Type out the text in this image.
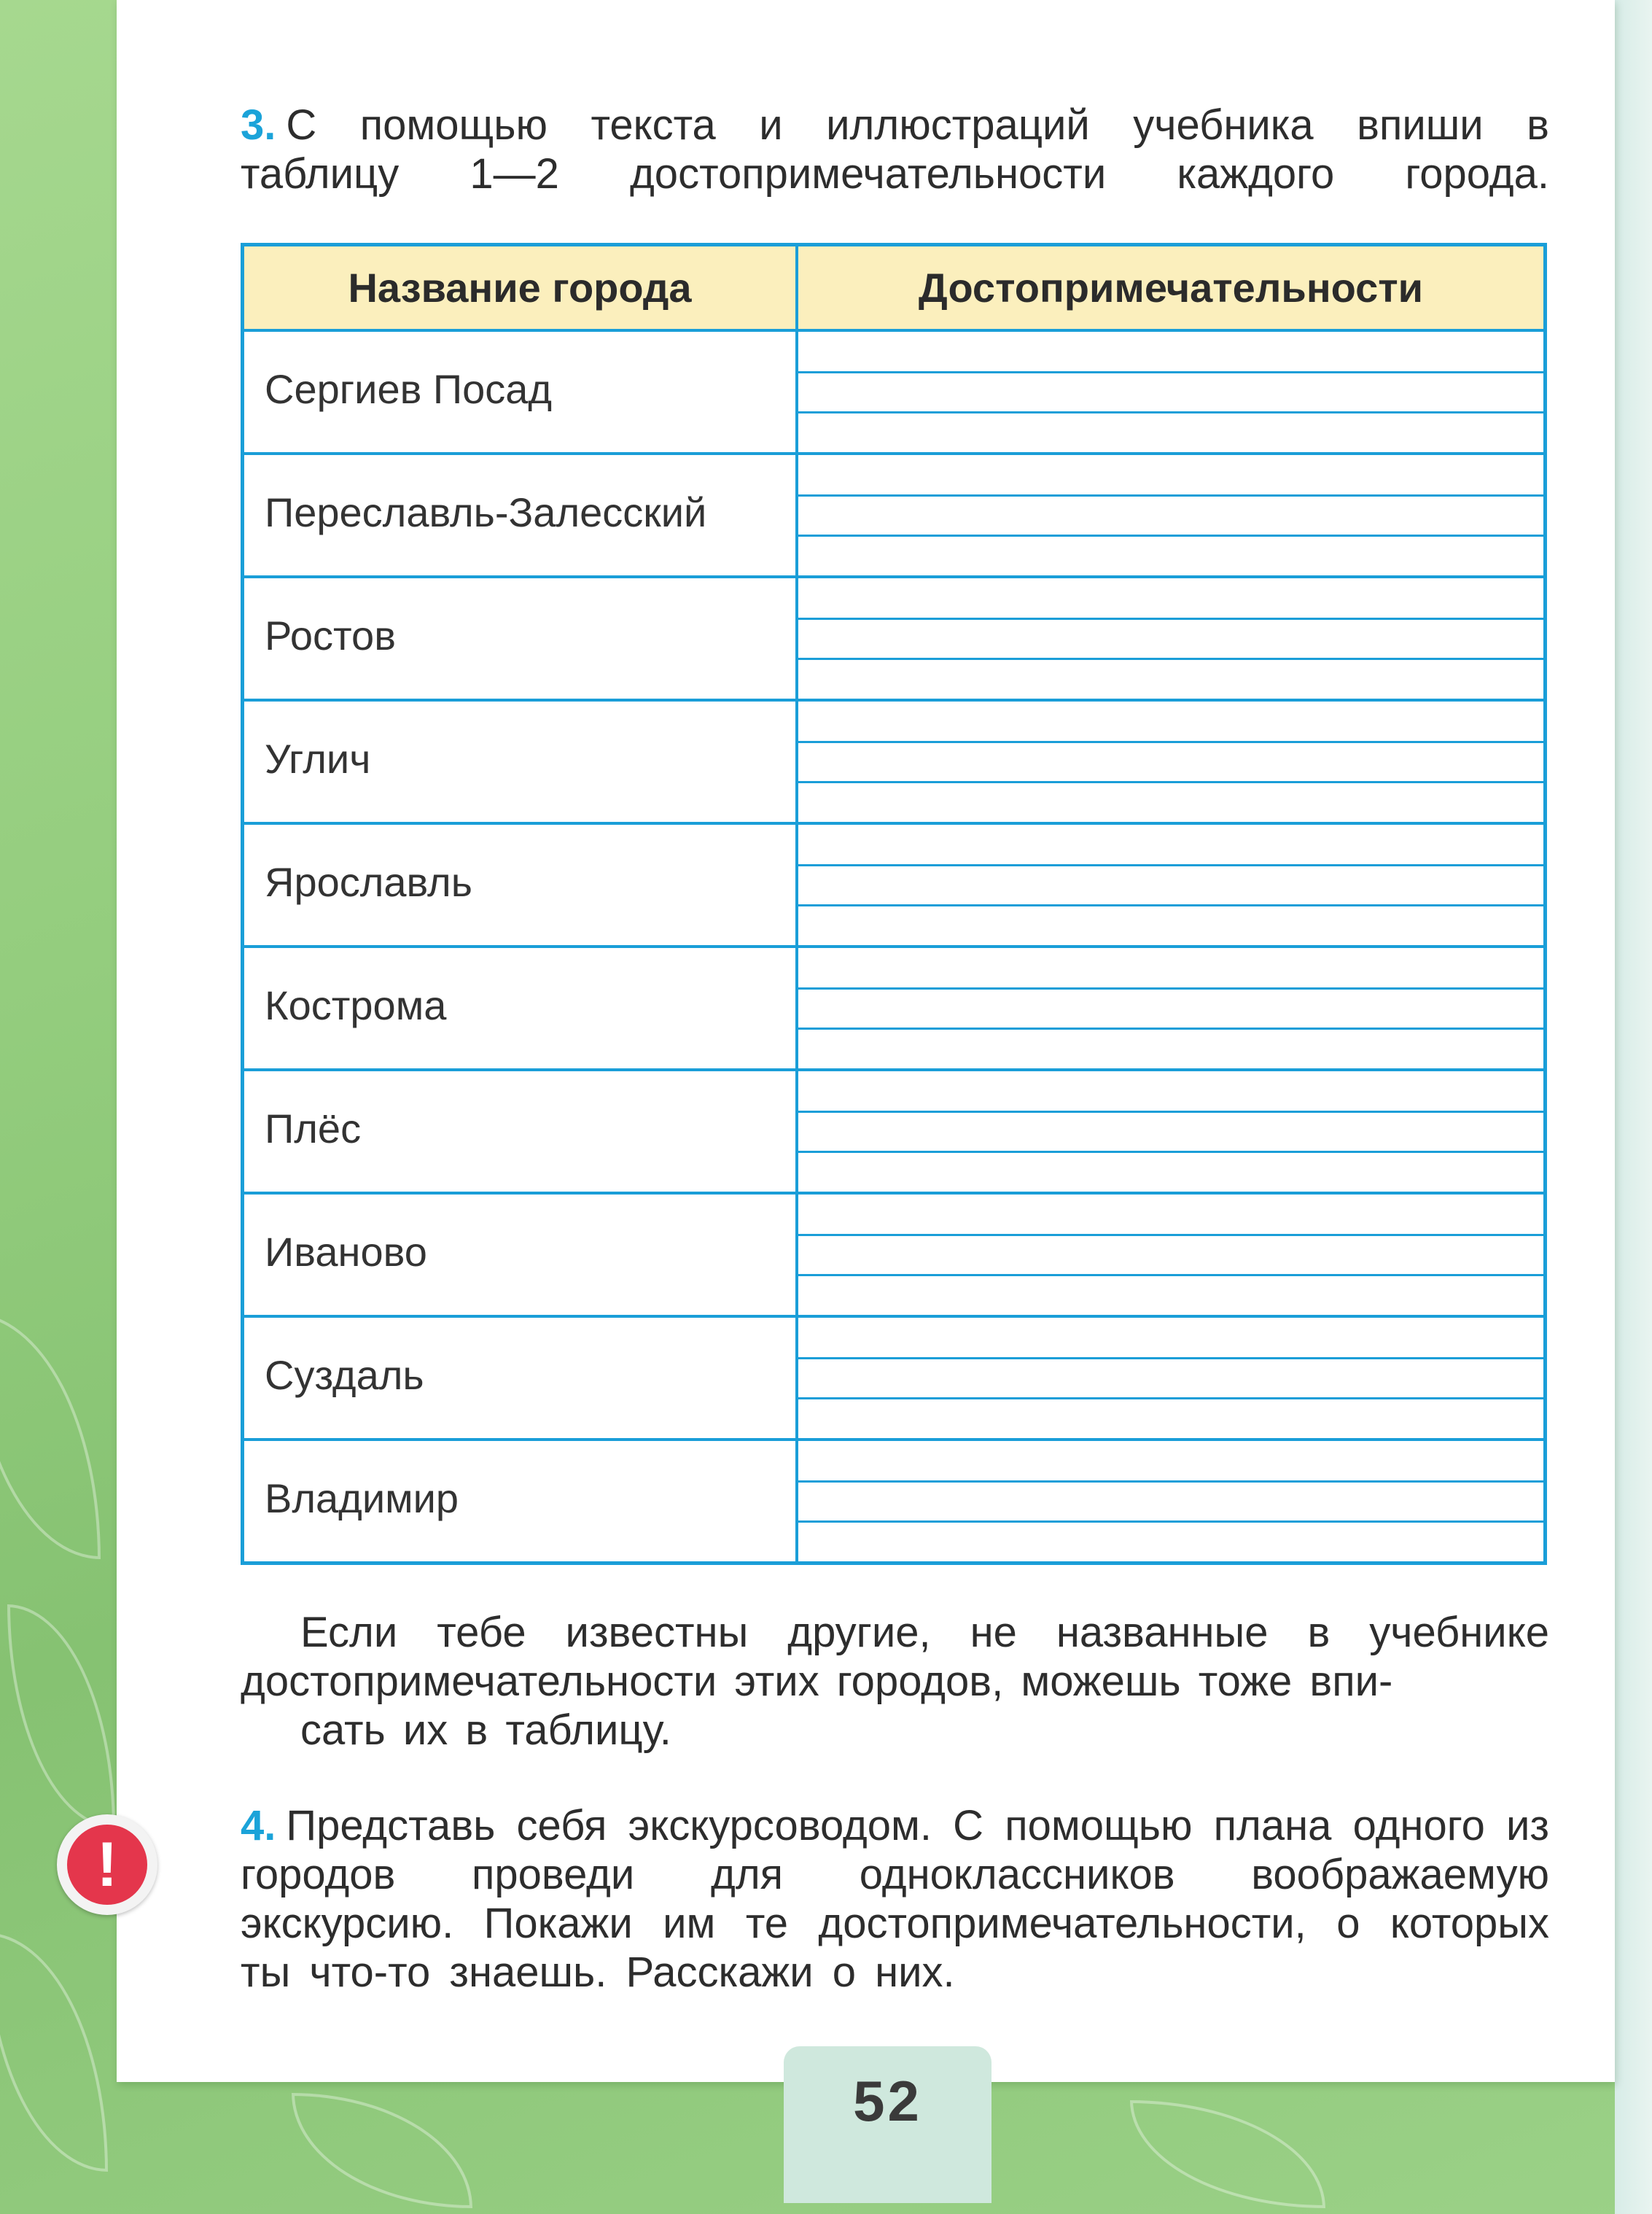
3. С помощью текста и иллюстраций учебника впиши в таблицу 1—2 достопримечательности каждого города.
Название города	Достопримечательности

Сергиев Посад	

Переславль-Залесский	

Ростов	

Углич	

Ярославль	

Кострома	

Плёс	

Иваново	

Суздаль	

Владимир	

Если тебе известны другие, не названные в учебнике достопримечательности этих городов, можешь тоже впи-
сать их в таблицу.
!
4. Представь себя экскурсоводом. С помощью плана одного из городов проведи для одноклассников воображаемую экскурсию. Покажи им те достопримечательности, о которых ты что-то знаешь. Расскажи о них.
52
